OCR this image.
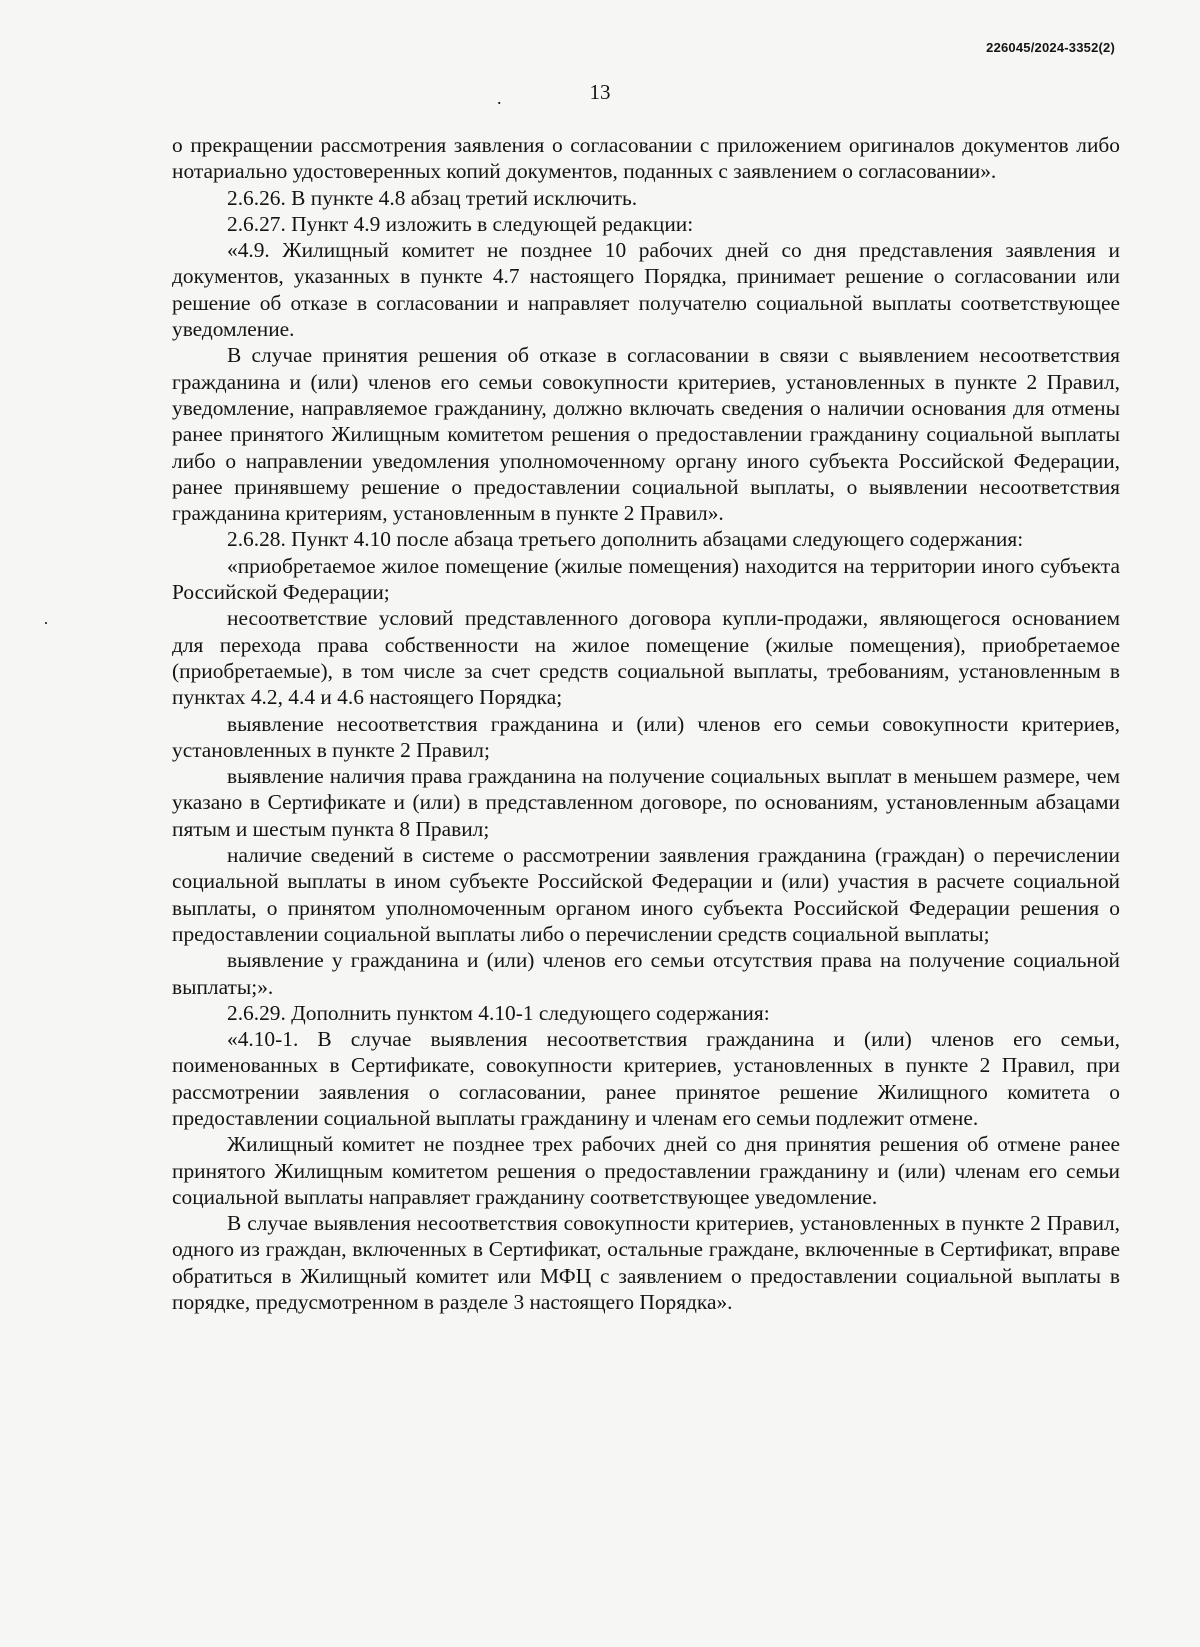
226045/2024-3352(2)
13
.

о прекращении рассмотрения заявления о согласовании с приложением оригиналов документов либо нотариально удостоверенных копий документов, поданных с заявлением о согласовании».

2.6.26. В пункте 4.8 абзац третий исключить.

2.6.27. Пункт 4.9 изложить в следующей редакции:

«4.9. Жилищный комитет не позднее 10 рабочих дней со дня представления заявления и документов, указанных в пункте 4.7 настоящего Порядка, принимает решение о согласовании или решение об отказе в согласовании и направляет получателю социальной выплаты соответствующее уведомление.

В случае принятия решения об отказе в согласовании в связи с выявлением несоответствия гражданина и (или) членов его семьи совокупности критериев, установленных в пункте 2 Правил, уведомление, направляемое гражданину, должно включать сведения о наличии основания для отмены ранее принятого Жилищным комитетом решения о предоставлении гражданину социальной выплаты либо о направлении уведомления уполномоченному органу иного субъекта Российской Федерации, ранее принявшему решение о предоставлении социальной выплаты, о выявлении несоответствия гражданина критериям, установленным в пункте 2 Правил».

2.6.28. Пункт 4.10 после абзаца третьего дополнить абзацами следующего содержания:

«приобретаемое жилое помещение (жилые помещения) находится на территории иного субъекта Российской Федерации;

несоответствие условий представленного договора купли-продажи, являющегося основанием для перехода права собственности на жилое помещение (жилые помещения), приобретаемое (приобретаемые), в том числе за счет средств социальной выплаты, требованиям, установленным в пунктах 4.2, 4.4 и 4.6 настоящего Порядка;

выявление несоответствия гражданина и (или) членов его семьи совокупности критериев, установленных в пункте 2 Правил;

выявление наличия права гражданина на получение социальных выплат в меньшем размере, чем указано в Сертификате и (или) в представленном договоре, по основаниям, установленным абзацами пятым и шестым пункта 8 Правил;

наличие сведений в системе о рассмотрении заявления гражданина (граждан) о перечислении социальной выплаты в ином субъекте Российской Федерации и (или) участия в расчете социальной выплаты, о принятом уполномоченным органом иного субъекта Российской Федерации решения о предоставлении социальной выплаты либо о перечислении средств социальной выплаты;

выявление у гражданина и (или) членов его семьи отсутствия права на получение социальной выплаты;».

2.6.29. Дополнить пунктом 4.10-1 следующего содержания:

«4.10-1. В случае выявления несоответствия гражданина и (или) членов его семьи, поименованных в Сертификате, совокупности критериев, установленных в пункте 2 Правил, при рассмотрении заявления о согласовании, ранее принятое решение Жилищного комитета о предоставлении социальной выплаты гражданину и членам его семьи подлежит отмене.

Жилищный комитет не позднее трех рабочих дней со дня принятия решения об отмене ранее принятого Жилищным комитетом решения о предоставлении гражданину и (или) членам его семьи социальной выплаты направляет гражданину соответствующее уведомление.

В случае выявления несоответствия совокупности критериев, установленных в пункте 2 Правил, одного из граждан, включенных в Сертификат, остальные граждане, включенные в Сертификат, вправе обратиться в Жилищный комитет или МФЦ с заявлением о предоставлении социальной выплаты в порядке, предусмотренном в разделе 3 настоящего Порядка».
